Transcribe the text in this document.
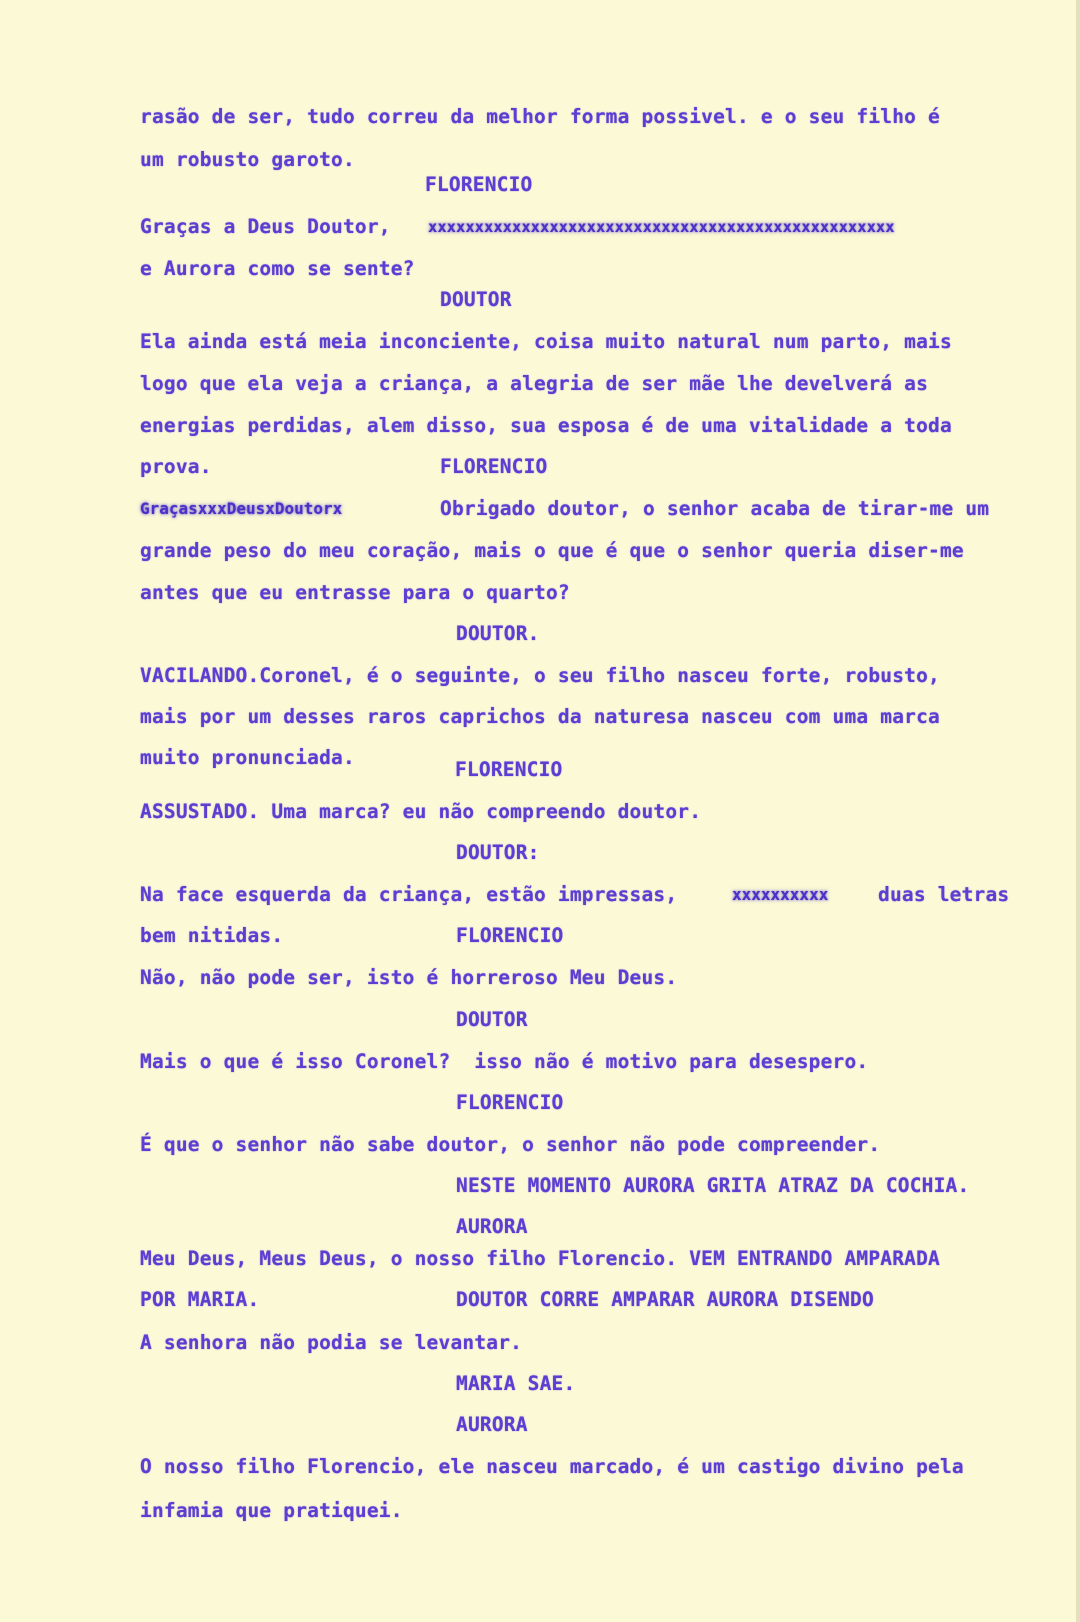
rasão de ser, tudo correu da melhor forma possivel. e o seu filho é
um robusto garoto.
FLORENCIO
Graças a Deus Doutor, xxxxxxxxxxxxxxxxxxxxxxxxxxxxxxxxxxxxxxxxxxxxxxxxxx
e Aurora como se sente?
DOUTOR
Ela ainda está meia inconciente, coisa muito natural num parto, mais
logo que ela veja a criança, a alegria de ser mãe lhe develverá as
energias perdidas, alem disso, sua esposa é de uma vitalidade a toda
prova.	FLORENCIO
GraçasxxxDeusxDoutorx	Obrigado doutor, o senhor acaba de tirar-me um
grande peso do meu coração, mais o que é que o senhor queria diser-me
antes que eu entrasse para o quarto?
DOUTOR.
VACILANDO.Coronel, é o seguinte, o seu filho nasceu forte, robusto,
mais por um desses raros caprichos da naturesa nasceu com uma marca
muito pronunciada.
FLORENCIO
ASSUSTADO. Uma marca? eu não compreendo doutor.
DOUTOR:
Na face esquerda da criança, estão impressas,	xxxxxxxxxx	duas letras
bem nitidas.	FLORENCIO
Não, não pode ser, isto é horreroso Meu Deus.
DOUTOR
Mais o que é isso Coronel?  isso não é motivo para desespero.
FLORENCIO
É que o senhor não sabe doutor, o senhor não pode compreender.
NESTE MOMENTO AURORA GRITA ATRAZ DA COCHIA.
AURORA
Meu Deus, Meus Deus, o nosso filho Florencio. VEM ENTRANDO AMPARADA
POR MARIA.	DOUTOR CORRE AMPARAR AURORA DISENDO
A senhora não podia se levantar.
MARIA SAE.
AURORA
O nosso filho Florencio, ele nasceu marcado, é um castigo divino pela
infamia que pratiquei.
